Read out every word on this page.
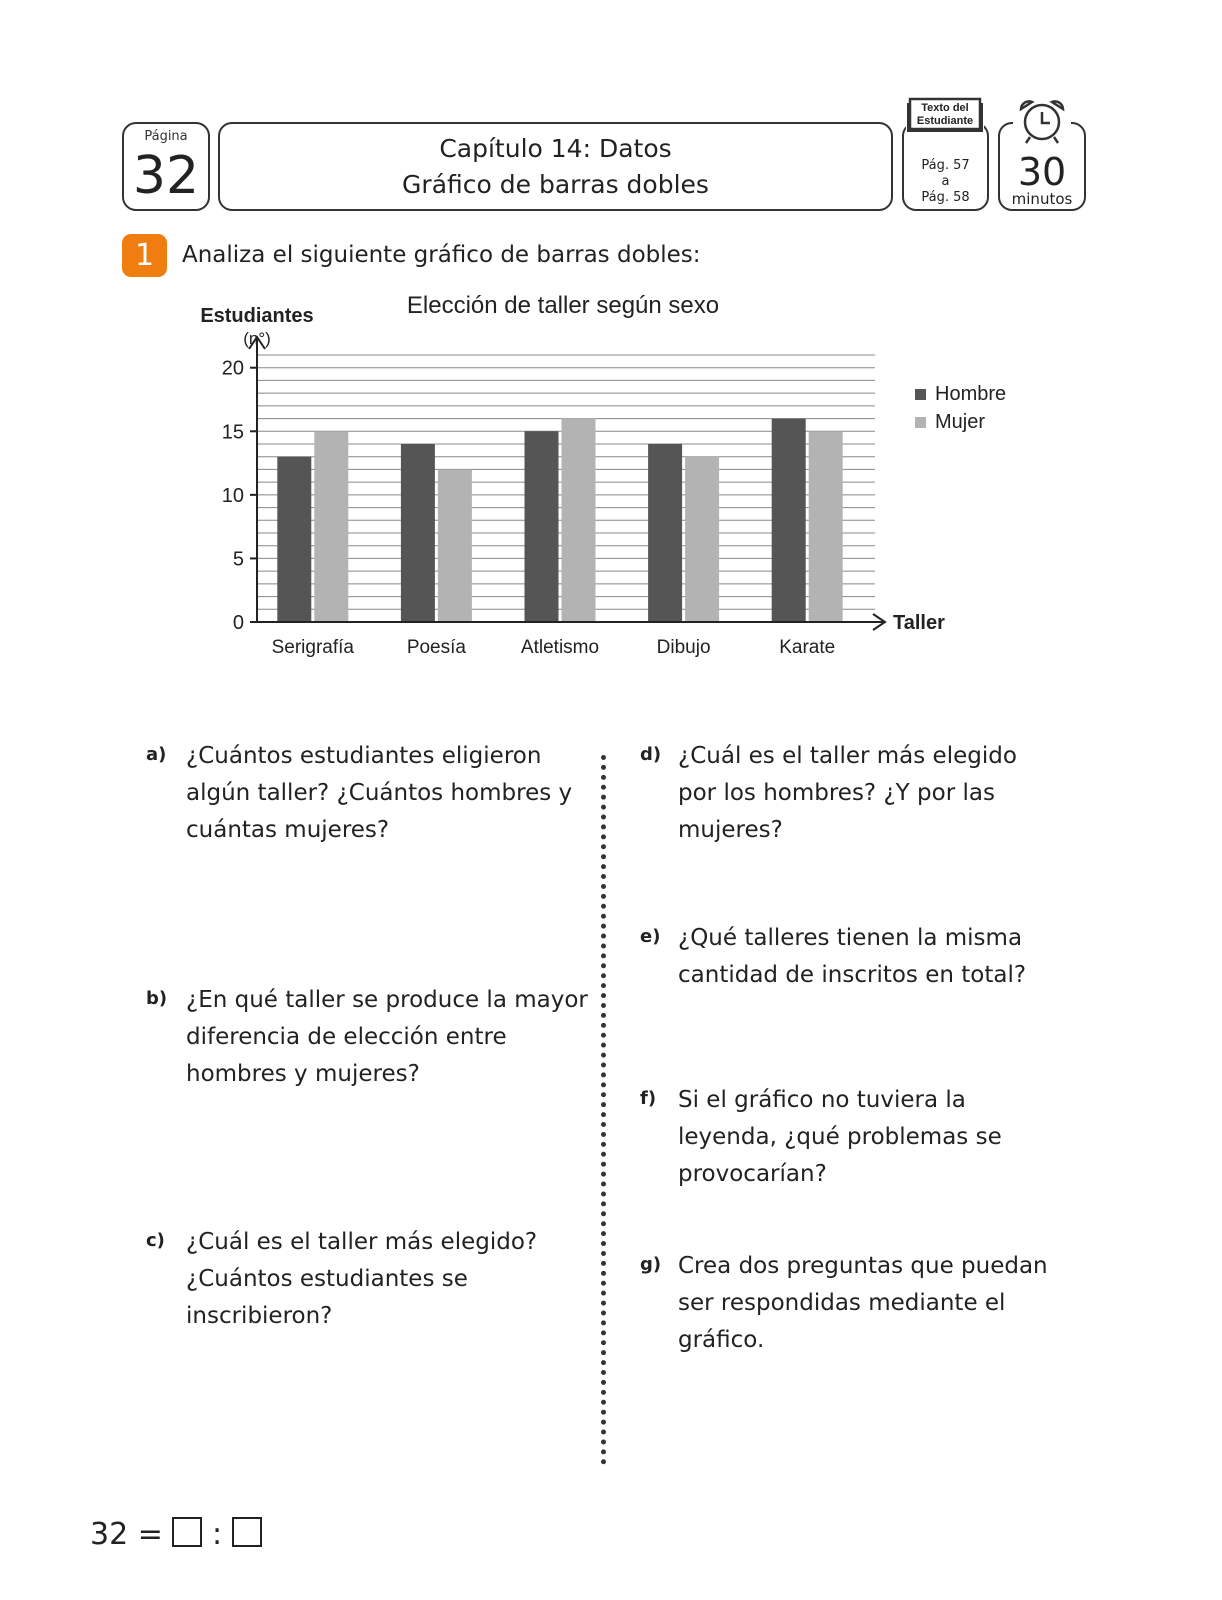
Página
32	Capítulo 14: Datos
Gráfico de barras dobles
Pág. 57
a
Pág. 58
Texto del
Estudiante
30
minutos
1	Analiza el siguiente gráfico de barras dobles:
Elección de taller según sexo
Estudiantes
(n°)
Serigrafía	Poesía	Atletismo	Dibujo	Karate
0
5
10
15
20
Taller
Hombre
Mujer
a) ¿Cuántos estudiantes eligieron algún taller? ¿Cuántos hombres y cuántas mujeres?
b) ¿En qué taller se produce la mayor diferencia de elección entre hombres y mujeres?
c) ¿Cuál es el taller más elegido? ¿Cuántos estudiantes se inscribieron?
d) ¿Cuál es el taller más elegido por los hombres? ¿Y por las mujeres?
e) ¿Qué talleres tienen la misma cantidad de inscritos en total?
f) Si el gráfico no tuviera la leyenda, ¿qué problemas se provocarían?
g) Crea dos preguntas que puedan ser respondidas mediante el gráfico.
32 = :
